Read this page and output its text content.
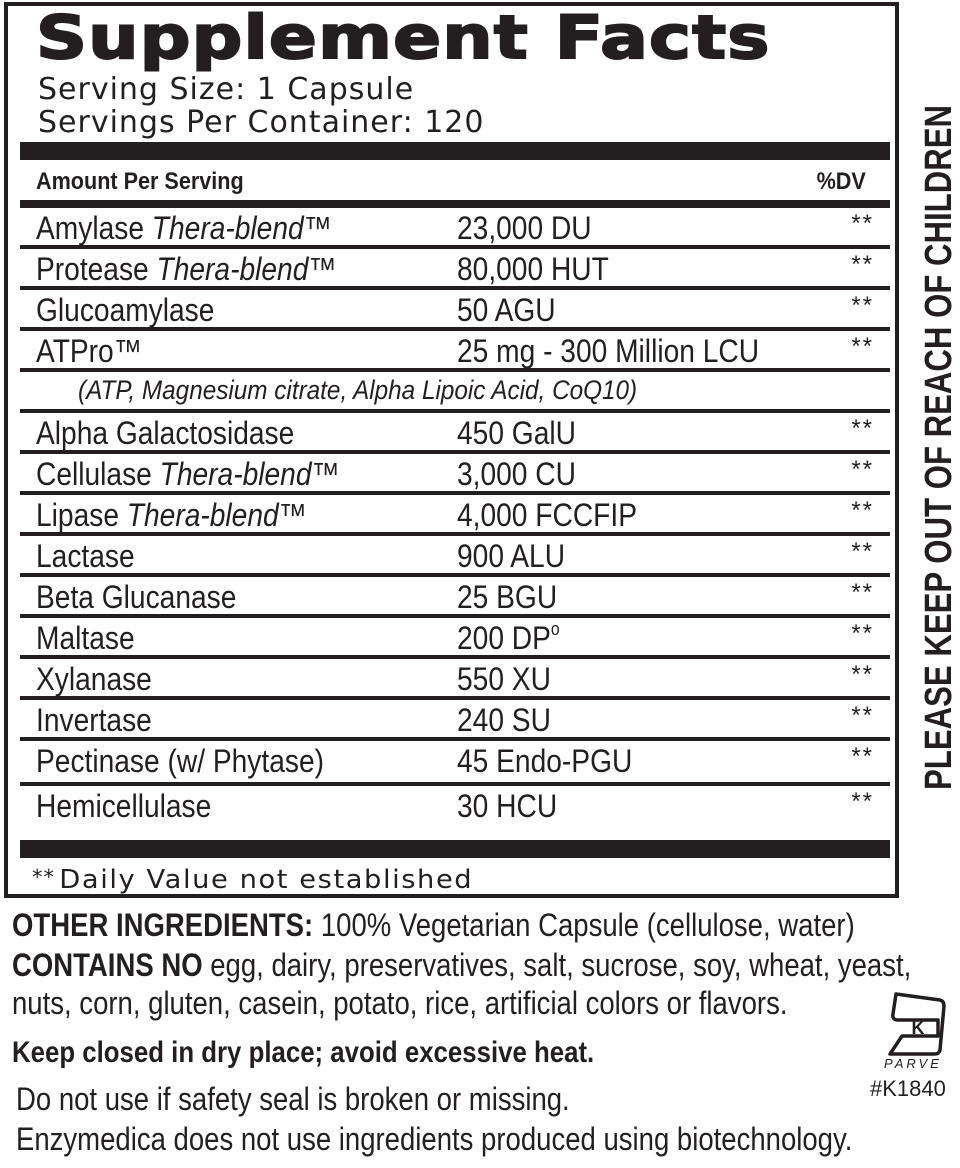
Supplement Facts
Serving Size: 1 Capsule
Servings Per Container: 120
Amount Per Serving	%DV
Amylase Thera-blend™	23,000 DU	**
Protease Thera-blend™	80,000 HUT	**
Glucoamylase	50 AGU	**
ATPro™	25 mg - 300 Million LCU	**
(ATP, Magnesium citrate, Alpha Lipoic Acid, CoQ10)
Alpha Galactosidase	450 GalU	**
Cellulase Thera-blend™	3,000 CU	**
Lipase Thera-blend™	4,000 FCCFIP	**
Lactase	900 ALU	**
Beta Glucanase	25 BGU	**
Maltase	200 $DP^o$	**
Xylanase	550 XU	**
Invertase	240 SU	**
Pectinase (w/ Phytase)	45 Endo-PGU	**
Hemicellulase	30 HCU	**
** Daily Value not established
PLEASE KEEP OUT OF REACH OF CHILDREN
OTHER INGREDIENTS: 100% Vegetarian Capsule (cellulose, water)
CONTAINS NO egg, dairy, preservatives, salt, sucrose, soy, wheat, yeast,
nuts, corn, gluten, casein, potato, rice, artificial colors or flavors.
Keep closed in dry place; avoid excessive heat.
Do not use if safety seal is broken or missing.
Enzymedica does not use ingredients produced using biotechnology.
K
PARVE
#K1840
